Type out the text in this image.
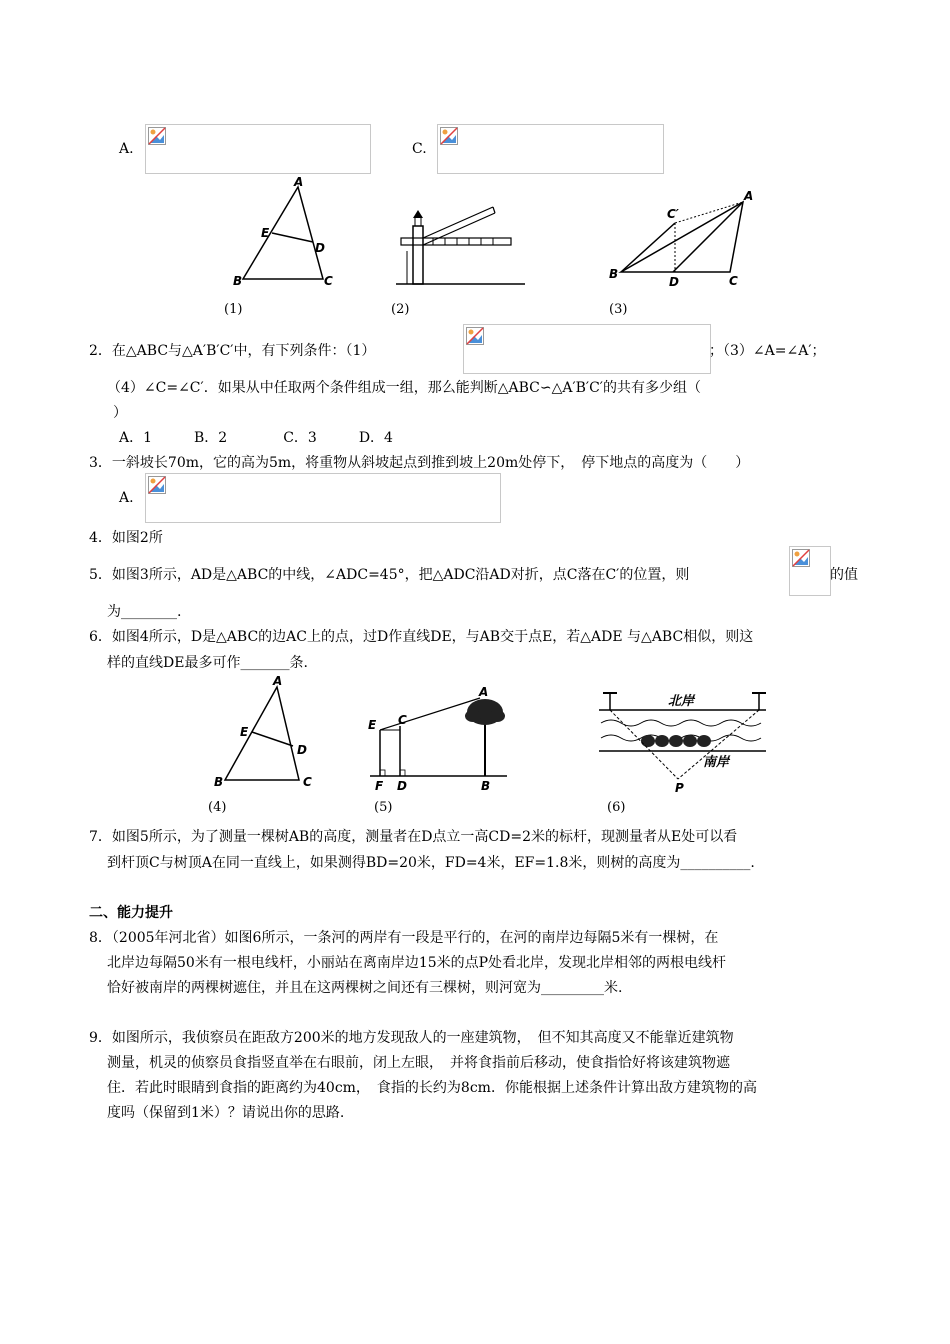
A.	C.
A
E
D
B	C
C′
A
B
D	C
(1)	(2)	(3)
2．在△ABC与△A′B′C′中，有下列条件：（1）	；（3）∠A=∠A′；
（4）∠C=∠C′．如果从中任取两个条件组成一组，那么能判断△ABC∽△A′B′C′的共有多少组（
）
A．1　　　B．2　　　　C．3　　　D．4
3．一斜坡长70m，它的高为5m，将重物从斜坡起点到推到坡上20m处停下，　停下地点的高度为（　　）
A.
4．如图2所
5．如图3所示，AD是△ABC的中线，∠ADC=45°，把△ADC沿AD对折，点C落在C′的位置，则	的值
为________.
6．如图4所示，D是△ABC的边AC上的点，过D作直线DE，与AB交于点E，若△ADE 与△ABC相似，则这
样的直线DE最多可作_______条.
A
E
D
B	C
E C
A
F D	B
北岸
南岸
P
(4)	(5)	(6)
7．如图5所示，为了测量一棵树AB的高度，测量者在D点立一高CD=2米的标杆，现测量者从E处可以看
到杆顶C与树顶A在同一直线上，如果测得BD=20米，FD=4米，EF=1.8米，则树的高度为__________.
二、能力提升
8．（2005年河北省）如图6所示，一条河的两岸有一段是平行的，在河的南岸边每隔5米有一棵树，在
北岸边每隔50米有一根电线杆，小丽站在离南岸边15米的点P处看北岸，发现北岸相邻的两根电线杆
恰好被南岸的两棵树遮住，并且在这两棵树之间还有三棵树，则河宽为_________米.
9．如图所示，我侦察员在距敌方200米的地方发现敌人的一座建筑物，　但不知其高度又不能靠近建筑物
测量，机灵的侦察员食指竖直举在右眼前，闭上左眼，　并将食指前后移动，使食指恰好将该建筑物遮
住．若此时眼睛到食指的距离约为40cm，　食指的长约为8cm．你能根据上述条件计算出敌方建筑物的高
度吗（保留到1米）？请说出你的思路.
